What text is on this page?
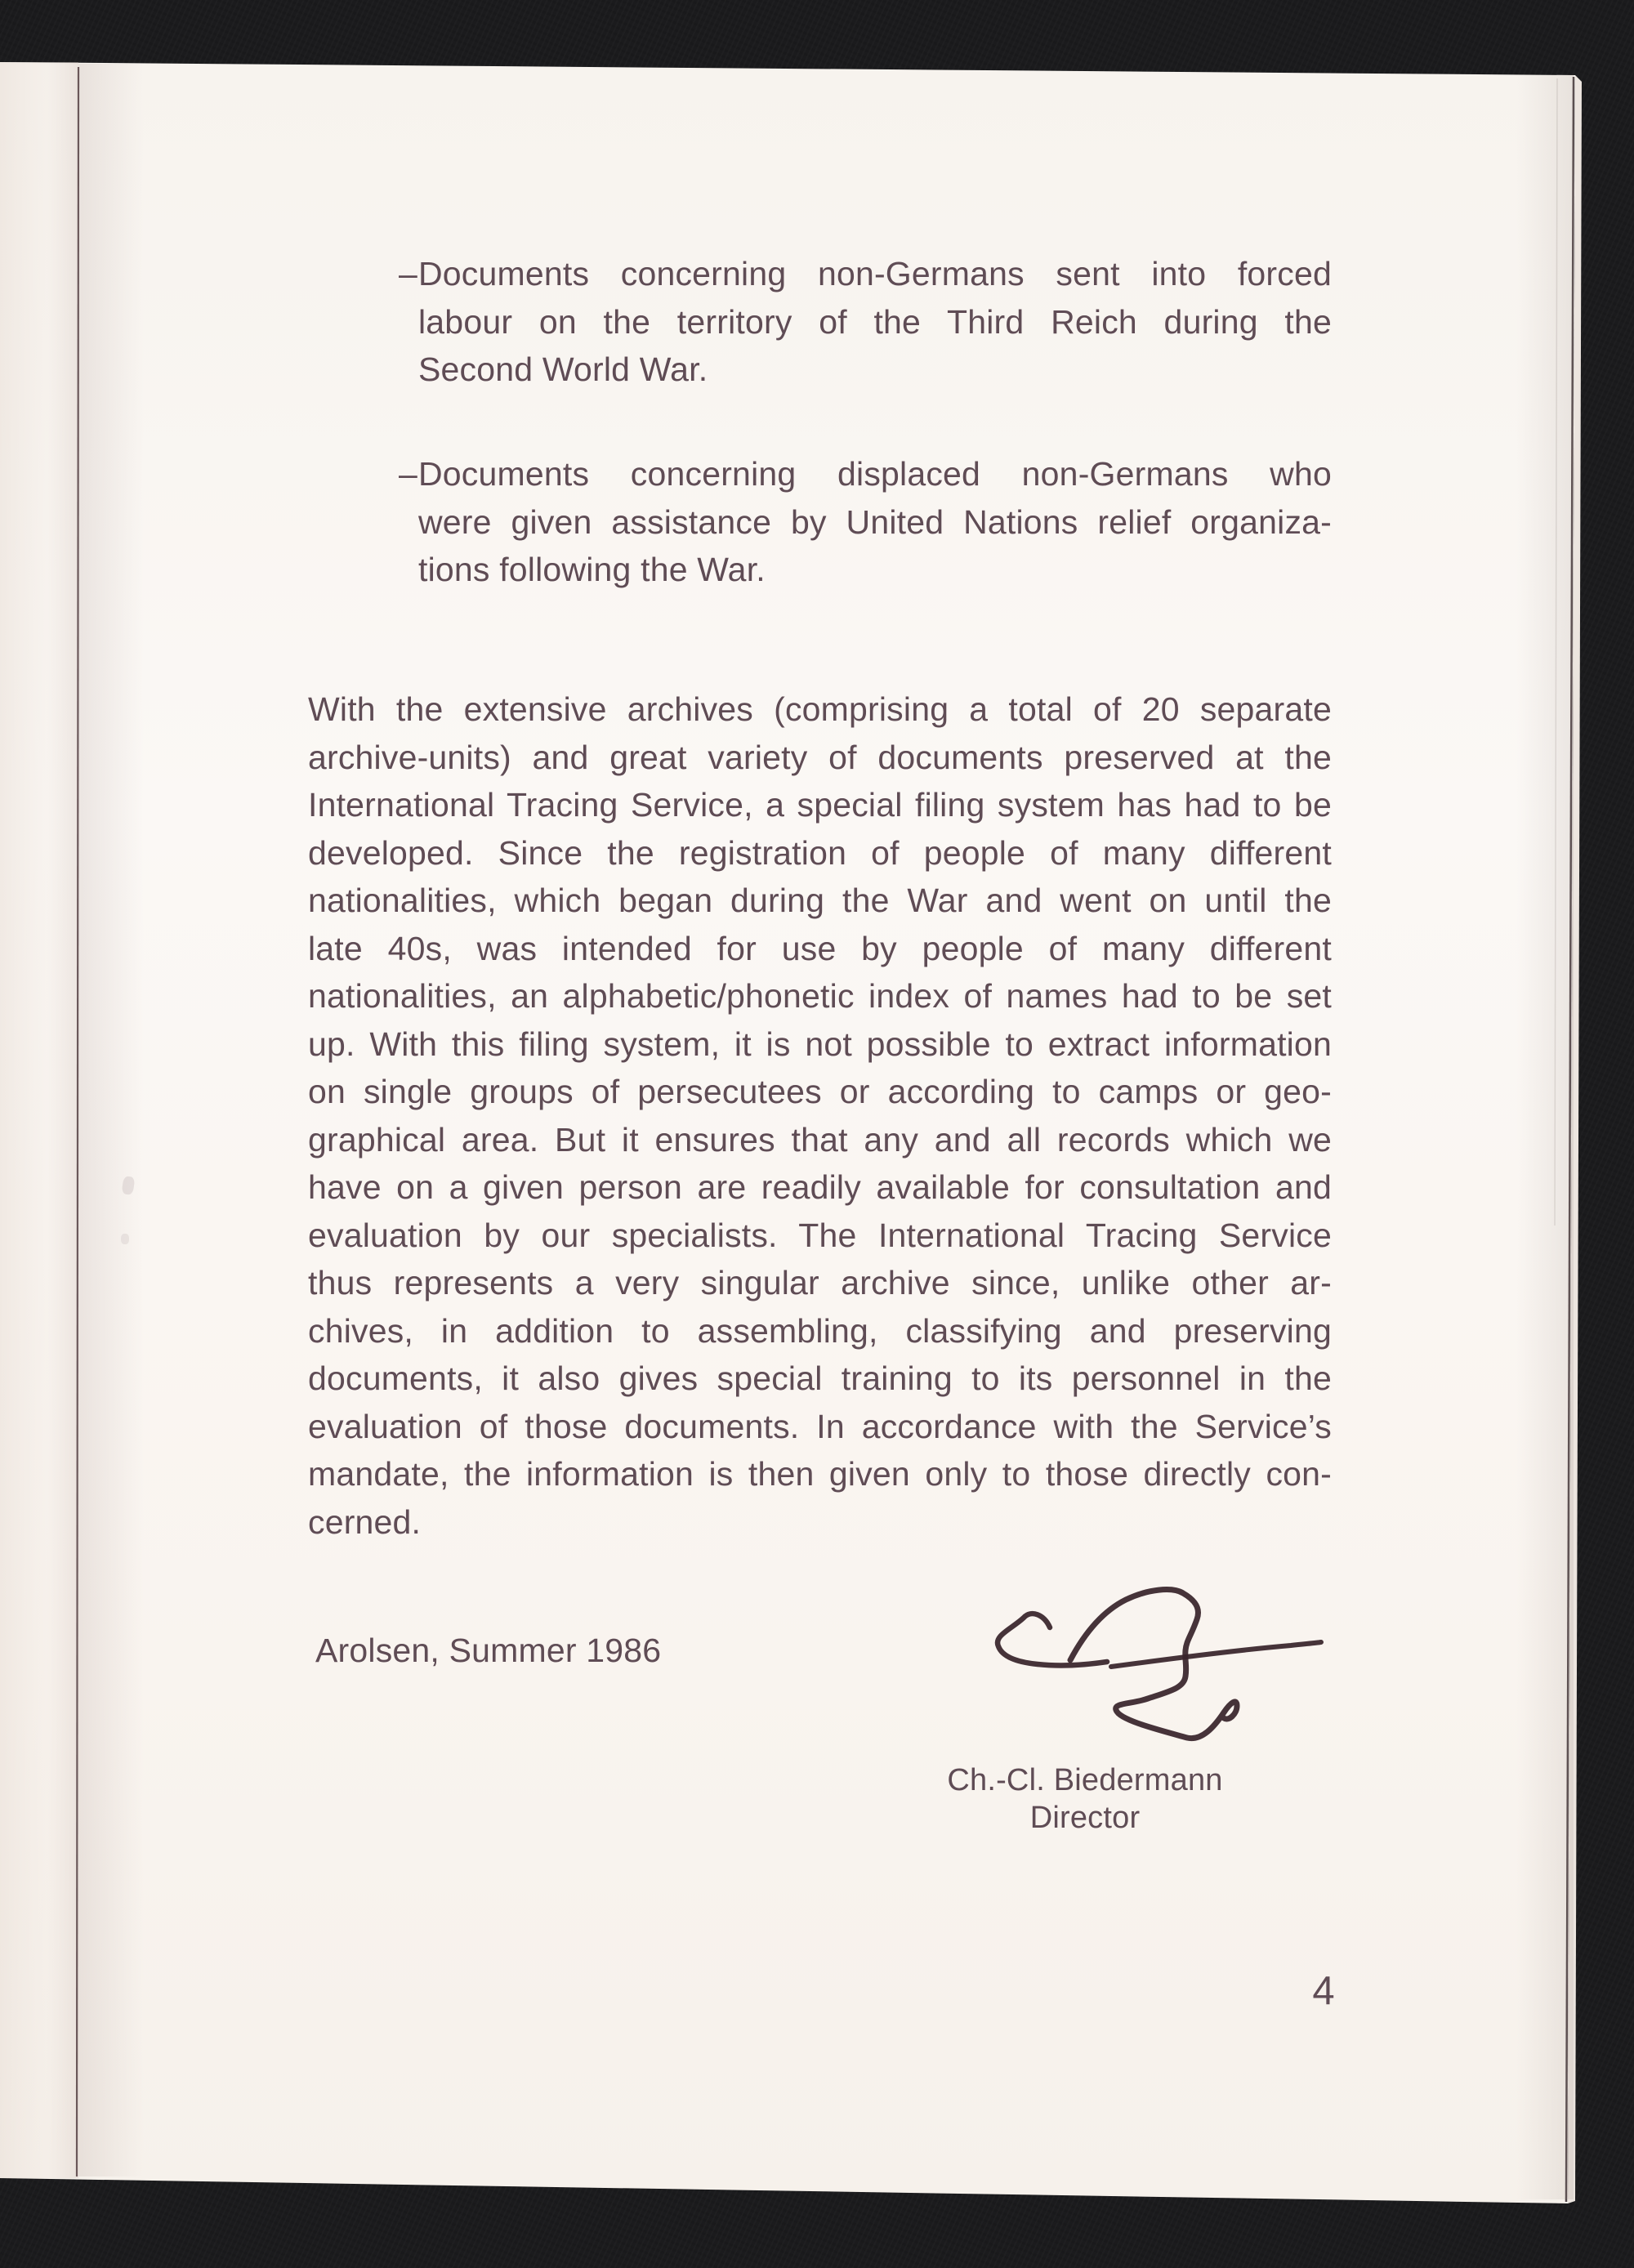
– Documents concerning non-Germans sent into forced
labour on the territory of the Third Reich during the
Second World War.
– Documents concerning displaced non-Germans who
were given assistance by United Nations relief organiza-
tions following the War.
With the extensive archives (comprising a total of 20 separate
archive-units) and great variety of documents preserved at the
International Tracing Service, a special filing system has had to be
developed. Since the registration of people of many different
nationalities, which began during the War and went on until the
late 40s, was intended for use by people of many different
nationalities, an alphabetic/phonetic index of names had to be set
up. With this filing system, it is not possible to extract information
on single groups of persecutees or according to camps or geo-
graphical area. But it ensures that any and all records which we
have on a given person are readily available for consultation and
evaluation by our specialists. The International Tracing Service
thus represents a very singular archive since, unlike other ar-
chives, in addition to assembling, classifying and preserving
documents, it also gives special training to its personnel in the
evaluation of those documents. In accordance with the Service’s
mandate, the information is then given only to those directly con-
cerned.
Arolsen, Summer 1986
Ch.-Cl. Biedermann
Director
4
